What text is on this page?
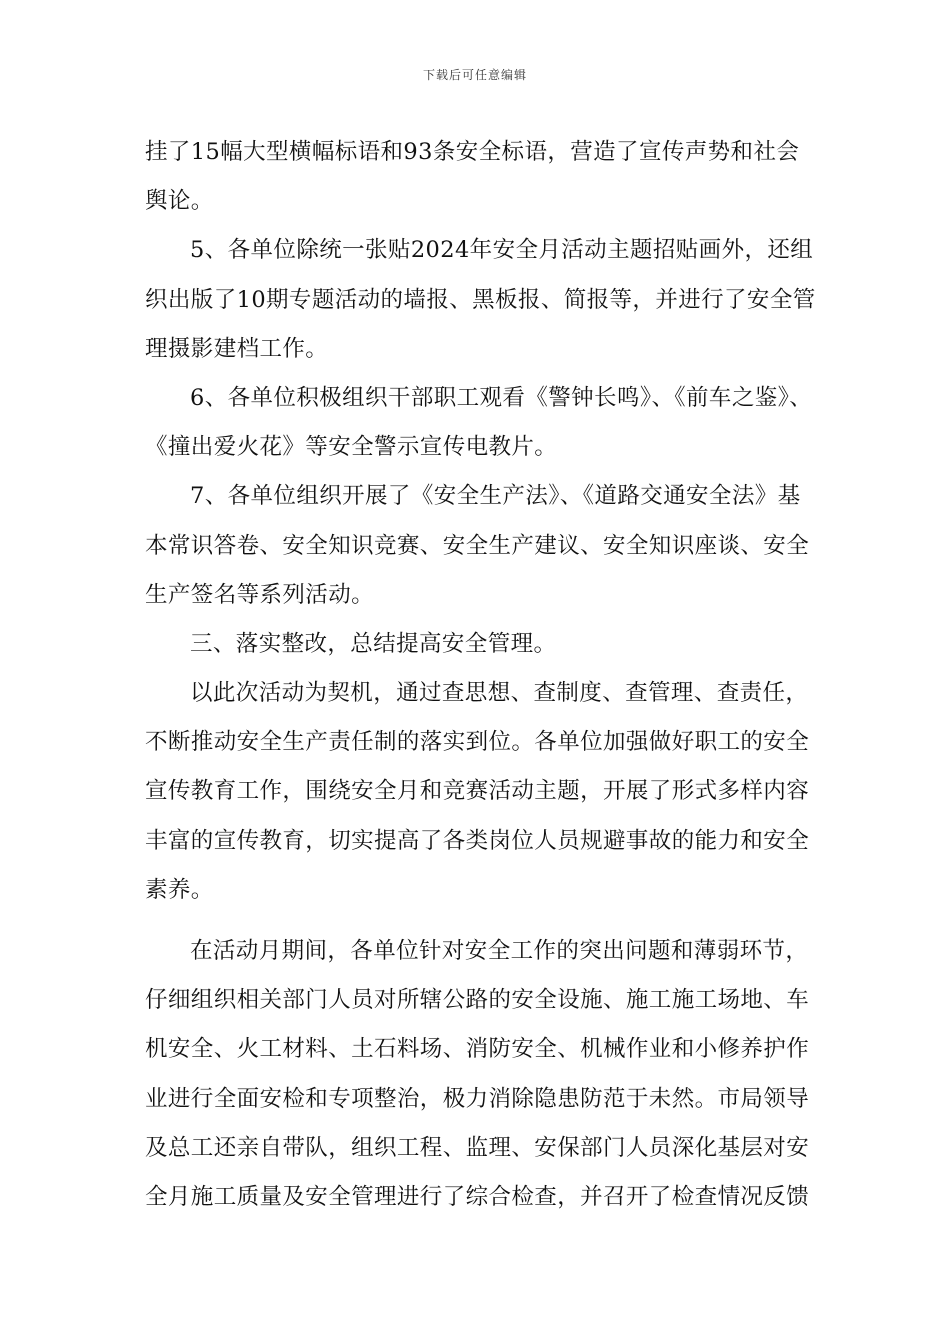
下载后可任意编辑
挂了15幅大型横幅标语和93条安全标语，营造了宣传声势和社会
舆论。
5、各单位除统一张贴2024年安全月活动主题招贴画外，还组
织出版了10期专题活动的墙报、黑板报、简报等，并进行了安全管
理摄影建档工作。
6、各单位积极组织干部职工观看《警钟长鸣》、《前车之鉴》、
《撞出爱火花》等安全警示宣传电教片。
7、各单位组织开展了《安全生产法》、《道路交通安全法》基
本常识答卷、安全知识竞赛、安全生产建议、安全知识座谈、安全
生产签名等系列活动。
三、落实整改，总结提高安全管理。
以此次活动为契机，通过查思想、查制度、查管理、查责任，
不断推动安全生产责任制的落实到位。各单位加强做好职工的安全
宣传教育工作，围绕安全月和竞赛活动主题，开展了形式多样内容
丰富的宣传教育，切实提高了各类岗位人员规避事故的能力和安全
素养。
在活动月期间，各单位针对安全工作的突出问题和薄弱环节，
仔细组织相关部门人员对所辖公路的安全设施、施工施工场地、车
机安全、火工材料、土石料场、消防安全、机械作业和小修养护作
业进行全面安检和专项整治，极力消除隐患防范于未然。市局领导
及总工还亲自带队，组织工程、监理、安保部门人员深化基层对安
全月施工质量及安全管理进行了综合检查，并召开了检查情况反馈
